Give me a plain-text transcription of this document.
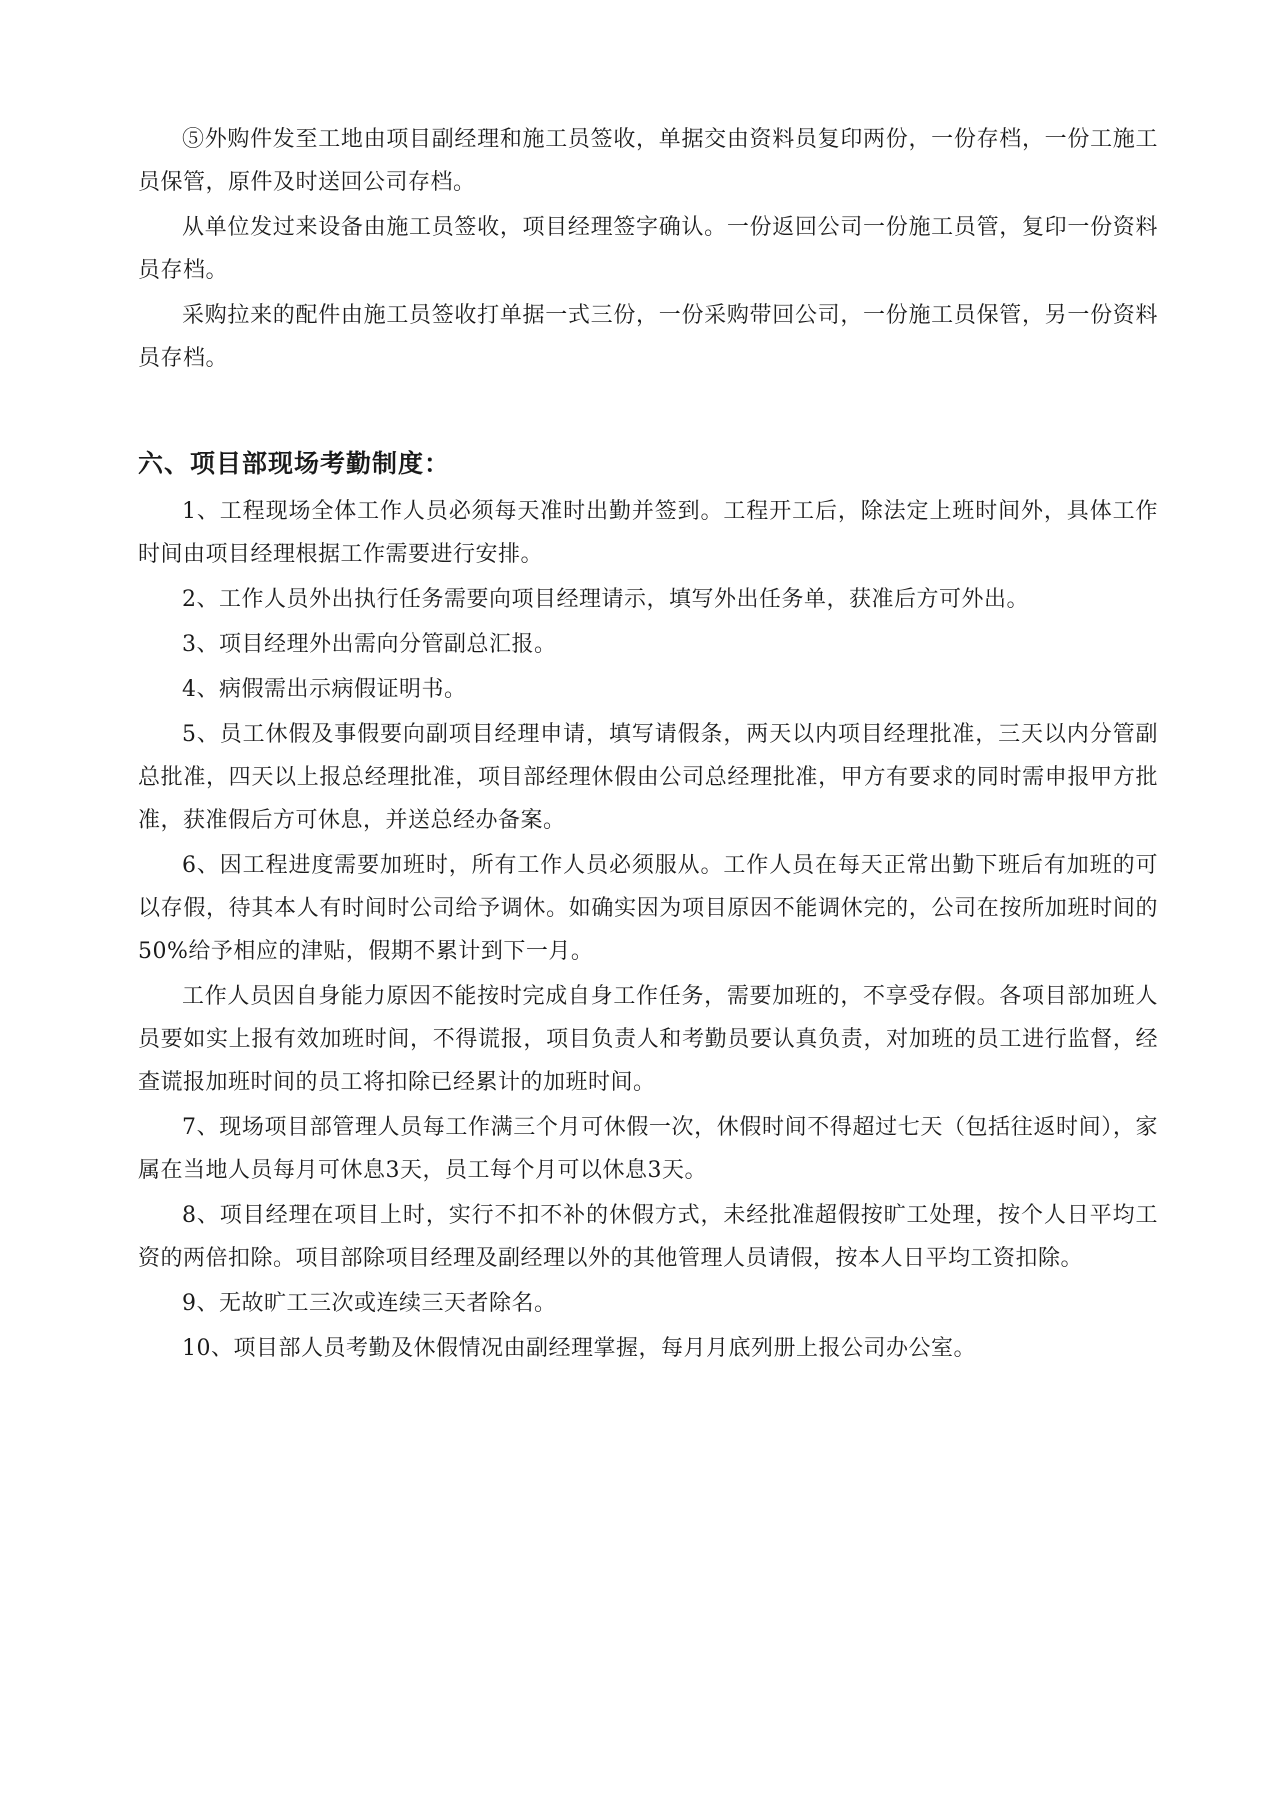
⑤外购件发至工地由项目副经理和施工员签收，单据交由资料员复印两份，一份存档，一份工施工员保管，原件及时送回公司存档。

从单位发过来设备由施工员签收，项目经理签字确认。一份返回公司一份施工员管，复印一份资料员存档。

采购拉来的配件由施工员签收打单据一式三份，一份采购带回公司，一份施工员保管，另一份资料员存档。

六、项目部现场考勤制度：

1、工程现场全体工作人员必须每天准时出勤并签到。工程开工后，除法定上班时间外，具体工作时间由项目经理根据工作需要进行安排。

2、工作人员外出执行任务需要向项目经理请示，填写外出任务单，获准后方可外出。

3、项目经理外出需向分管副总汇报。

4、病假需出示病假证明书。

5、员工休假及事假要向副项目经理申请，填写请假条，两天以内项目经理批准，三天以内分管副总批准，四天以上报总经理批准，项目部经理休假由公司总经理批准，甲方有要求的同时需申报甲方批准，获准假后方可休息，并送总经办备案。

6、因工程进度需要加班时，所有工作人员必须服从。工作人员在每天正常出勤下班后有加班的可以存假，待其本人有时间时公司给予调休。如确实因为项目原因不能调休完的，公司在按所加班时间的50%给予相应的津贴，假期不累计到下一月。

工作人员因自身能力原因不能按时完成自身工作任务，需要加班的，不享受存假。各项目部加班人员要如实上报有效加班时间，不得谎报，项目负责人和考勤员要认真负责，对加班的员工进行监督，经查谎报加班时间的员工将扣除已经累计的加班时间。

7、现场项目部管理人员每工作满三个月可休假一次，休假时间不得超过七天（包括往返时间），家属在当地人员每月可休息3天，员工每个月可以休息3天。

8、项目经理在项目上时，实行不扣不补的休假方式，未经批准超假按旷工处理，按个人日平均工资的两倍扣除。项目部除项目经理及副经理以外的其他管理人员请假，按本人日平均工资扣除。

9、无故旷工三次或连续三天者除名。

10、项目部人员考勤及休假情况由副经理掌握，每月月底列册上报公司办公室。
